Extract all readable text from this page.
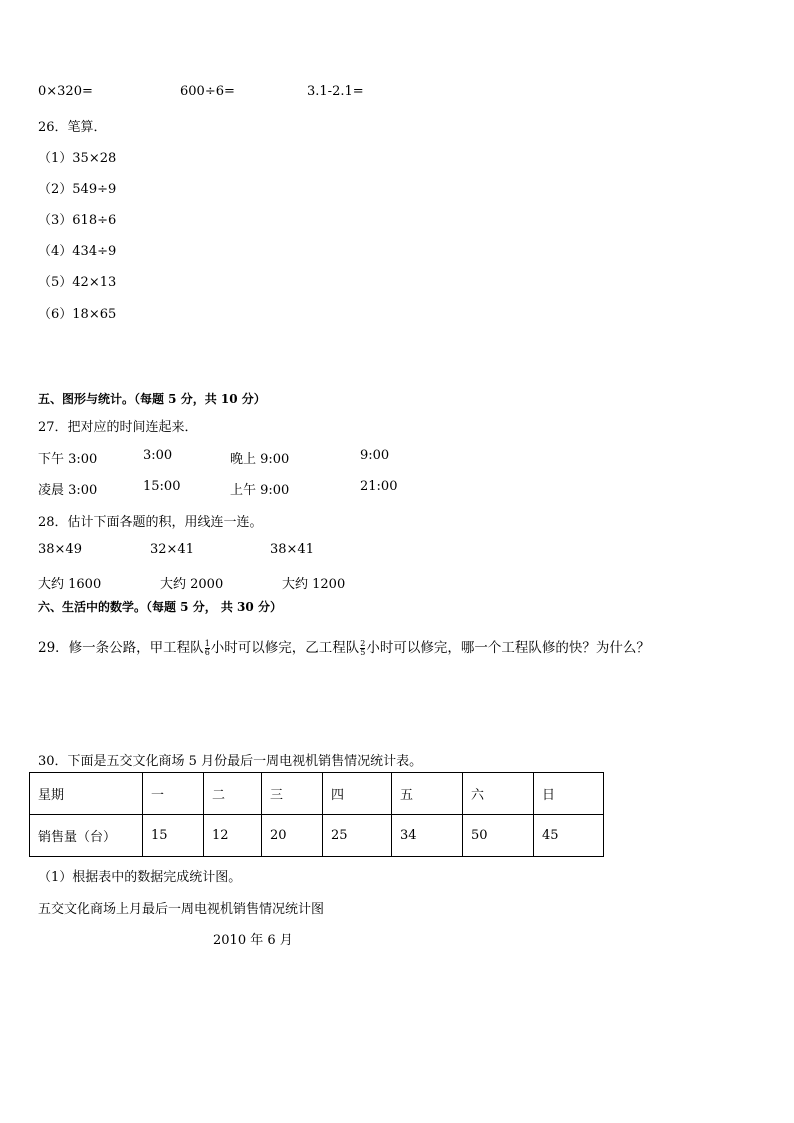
0×320=	600÷6=	3.1-2.1=
26．笔算．
（1）35×28
（2）549÷9
（3）618÷6
（4）434÷9
（5）42×13
（6）18×65
五、图形与统计。（每题 5 分，共 10 分）
27．把对应的时间连起来．
下午 3:00	3:00	晚上 9:00	9:00
凌晨 3:00	15:00	上午 9:00	21:00
28．估计下面各题的积，用线连一连。
38×49	32×41	38×41
大约 1600	大约 2000	大约 1200
六、生活中的数学。（每题 5 分， 共 30 分）
29．修一条公路，甲工程队 $\frac{1}{6}$ 小时可以修完，乙工程队 $\frac{2}{5}$ 小时可以修完，哪一个工程队修的快？为什么？
30．下面是五交文化商场 5 月份最后一周电视机销售情况统计表。
星期	一	二	三	四	五	六	日
销售量（台）	15	12	20	25	34	50	45
（1）根据表中的数据完成统计图。
五交文化商场上月最后一周电视机销售情况统计图
2010 年 6 月
